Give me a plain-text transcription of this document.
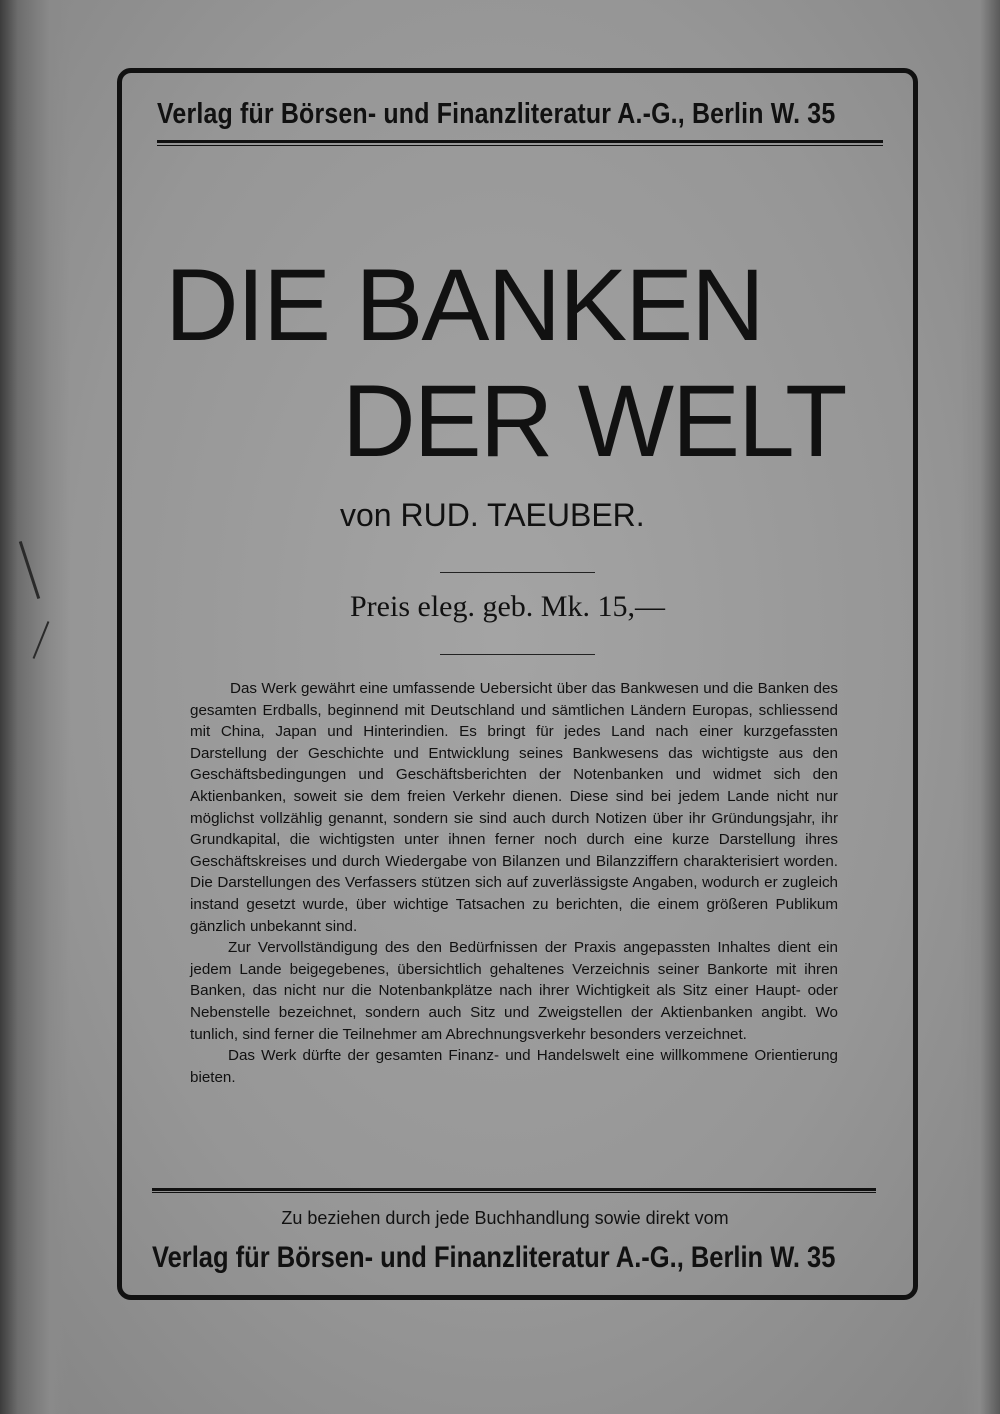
Verlag für Börsen- und Finanzliteratur A.-G., Berlin W. 35
DIE BANKEN
DER WELT
von RUD. TAEUBER.
Preis eleg. geb. Mk. 15,—

Das Werk gewährt eine umfassende Uebersicht über das Bankwesen und die Banken des gesamten Erdballs, beginnend mit Deutschland und sämtlichen Ländern Europas, schliessend mit China, Japan und Hinterindien. Es bringt für jedes Land nach einer kurzgefassten Darstellung der Geschichte und Entwicklung seines Bankwesens das wichtigste aus den Geschäftsbedingungen und Geschäftsberichten der Notenbanken und widmet sich den Aktienbanken, soweit sie dem freien Verkehr dienen. Diese sind bei jedem Lande nicht nur möglichst vollzählig genannt, sondern sie sind auch durch Notizen über ihr Gründungsjahr, ihr Grundkapital, die wichtigsten unter ihnen ferner noch durch eine kurze Darstellung ihres Geschäftskreises und durch Wiedergabe von Bilanzen und Bilanzziffern charakterisiert worden. Die Darstellungen des Verfassers stützen sich auf zuverlässigste Angaben, wodurch er zugleich instand gesetzt wurde, über wichtige Tatsachen zu berichten, die einem größeren Publikum gänzlich unbekannt sind.

Zur Vervollständigung des den Bedürfnissen der Praxis angepassten Inhaltes dient ein jedem Lande beigegebenes, übersichtlich gehaltenes Verzeichnis seiner Bankorte mit ihren Banken, das nicht nur die Notenbankplätze nach ihrer Wichtigkeit als Sitz einer Haupt- oder Nebenstelle bezeichnet, sondern auch Sitz und Zweigstellen der Aktienbanken angibt. Wo tunlich, sind ferner die Teilnehmer am Abrechnungsverkehr besonders verzeichnet.

Das Werk dürfte der gesamten Finanz- und Handelswelt eine willkommene Orientierung bieten.

Zu beziehen durch jede Buchhandlung sowie direkt vom
Verlag für Börsen- und Finanzliteratur A.-G., Berlin W. 35
